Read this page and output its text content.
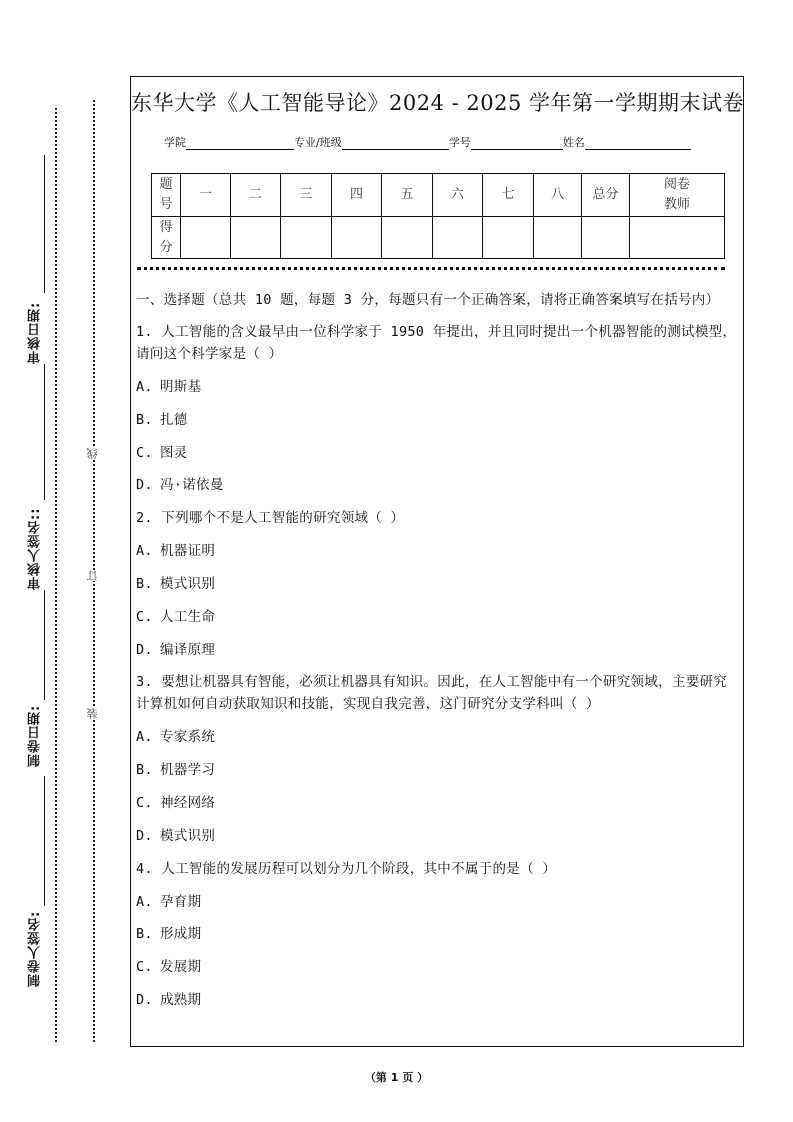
审核日期:
审核人签名::
制卷日期:
制卷人签名:
线
订
装
东华大学《人工智能导论》2024 - 2025 学年第一学期期末试卷
学院	专业/班级	学号	姓名
题号	一	二	三	四	五	六	七	八	总分	阅卷教师
得分										

一、选择题（总共 10 题，每题 3 分，每题只有一个正确答案，请将正确答案填写在括号内）

1. 人工智能的含义最早由一位科学家于 1950 年提出，并且同时提出一个机器智能的测试模型，请问这个科学家是（ ）

A. 明斯基
B. 扎德
C. 图灵
D. 冯·诺依曼

2. 下列哪个不是人工智能的研究领域（ ）

A. 机器证明
B. 模式识别
C. 人工生命
D. 编译原理

3. 要想让机器具有智能，必须让机器具有知识。因此，在人工智能中有一个研究领域，主要研究计算机如何自动获取知识和技能，实现自我完善，这门研究分支学科叫（ ）

A. 专家系统
B. 机器学习
C. 神经网络
D. 模式识别

4. 人工智能的发展历程可以划分为几个阶段，其中不属于的是（ ）

A. 孕育期
B. 形成期
C. 发展期
D. 成熟期
（第 1 页 ）
